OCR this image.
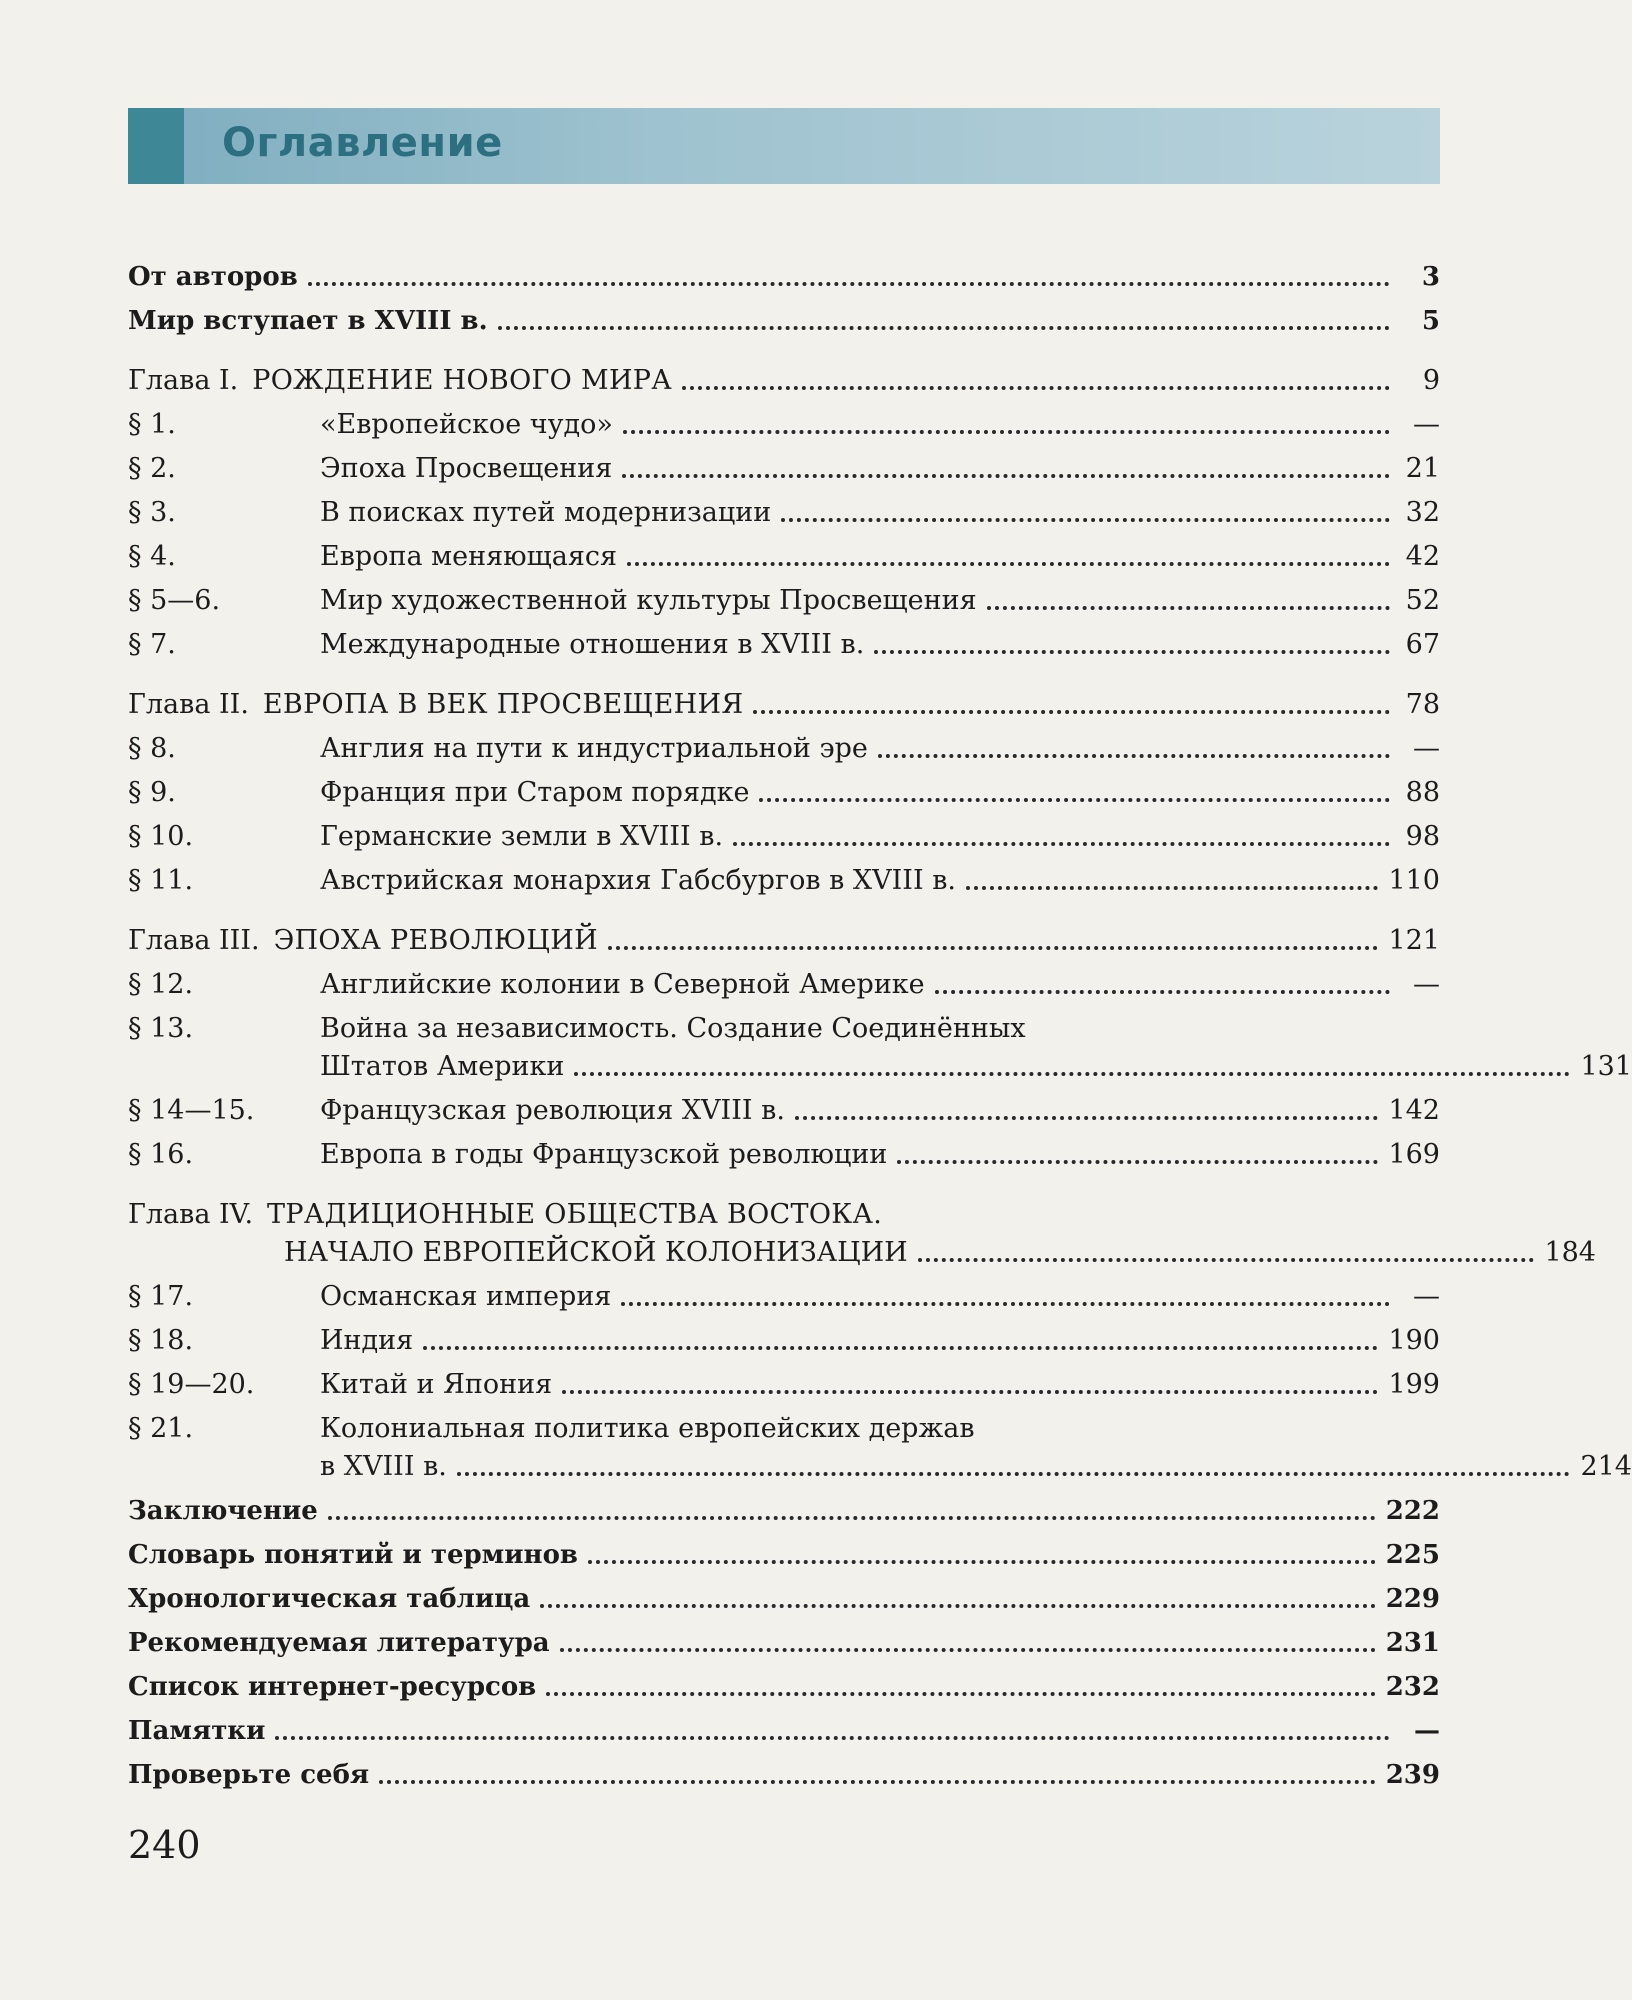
Оглавление
От авторов	3
Мир вступает в XVIII в.	5
Глава I. РОЖДЕНИЕ НОВОГО МИРА	9
§ 1.	«Европейское чудо»	—
§ 2.	Эпоха Просвещения	21
§ 3.	В поисках путей модернизации	32
§ 4.	Европа меняющаяся	42
§ 5—6.	Мир художественной культуры Просвещения	52
§ 7.	Международные отношения в XVIII в.	67
Глава II. ЕВРОПА В ВЕК ПРОСВЕЩЕНИЯ	78
§ 8.	Англия на пути к индустриальной эре	—
§ 9.	Франция при Старом порядке	88
§ 10.	Германские земли в XVIII в.	98
§ 11.	Австрийская монархия Габсбургов в XVIII в.	110
Глава III. ЭПОХА РЕВОЛЮЦИЙ	121
§ 12.	Английские колонии в Северной Америке	—
§ 13.	Война за независимость. Создание Соединённых
Штатов Америки	131
§ 14—15.	Французская революция XVIII в.	142
§ 16.	Европа в годы Французской революции	169
Глава IV. ТРАДИЦИОННЫЕ ОБЩЕСТВА ВОСТОКА.
НАЧАЛО ЕВРОПЕЙСКОЙ КОЛОНИЗАЦИИ	184
§ 17.	Османская империя	—
§ 18.	Индия	190
§ 19—20.	Китай и Япония	199
§ 21.	Колониальная политика европейских держав
в XVIII в.	214
Заключение	222
Словарь понятий и терминов	225
Хронологическая таблица	229
Рекомендуемая литература	231
Список интернет-ресурсов	232
Памятки	—
Проверьте себя	239
240
